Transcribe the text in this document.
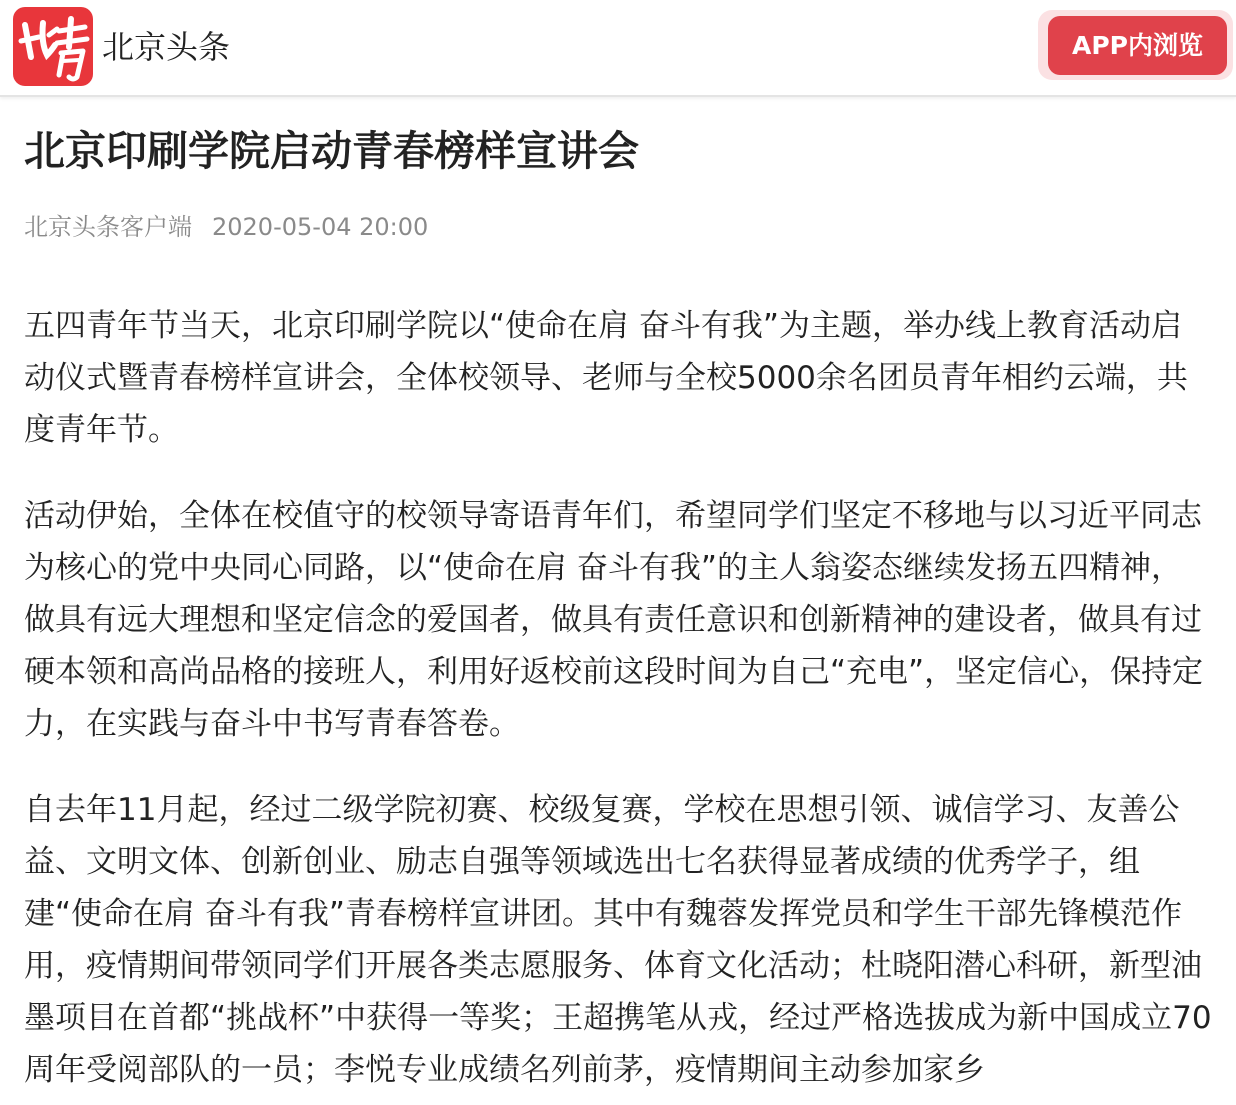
北京头条	APP内浏览
北京印刷学院启动青春榜样宣讲会
北京头条客户端 2020-05-04 20:00

五四青年节当天，北京印刷学院以“使命在肩 奋斗有我”为主题，举办线上教育活动启动仪式暨青春榜样宣讲会，全体校领导、老师与全校5000余名团员青年相约云端，共度青年节。

活动伊始，全体在校值守的校领导寄语青年们，希望同学们坚定不移地与以习近平同志为核心的党中央同心同路，以“使命在肩 奋斗有我”的主人翁姿态继续发扬五四精神，做具有远大理想和坚定信念的爱国者，做具有责任意识和创新精神的建设者，做具有过硬本领和高尚品格的接班人，利用好返校前这段时间为自己“充电”，坚定信心，保持定力，在实践与奋斗中书写青春答卷。

自去年11月起，经过二级学院初赛、校级复赛，学校在思想引领、诚信学习、友善公益、文明文体、创新创业、励志自强等领域选出七名获得显著成绩的优秀学子，组建“使命在肩 奋斗有我”青春榜样宣讲团。其中有魏蓉发挥党员和学生干部先锋模范作用，疫情期间带领同学们开展各类志愿服务、体育文化活动；杜晓阳潜心科研，新型油墨项目在首都“挑战杯”中获得一等奖；王超携笔从戎，经过严格选拔成为新中国成立70周年受阅部队的一员；李悦专业成绩名列前茅，疫情期间主动参加家乡
